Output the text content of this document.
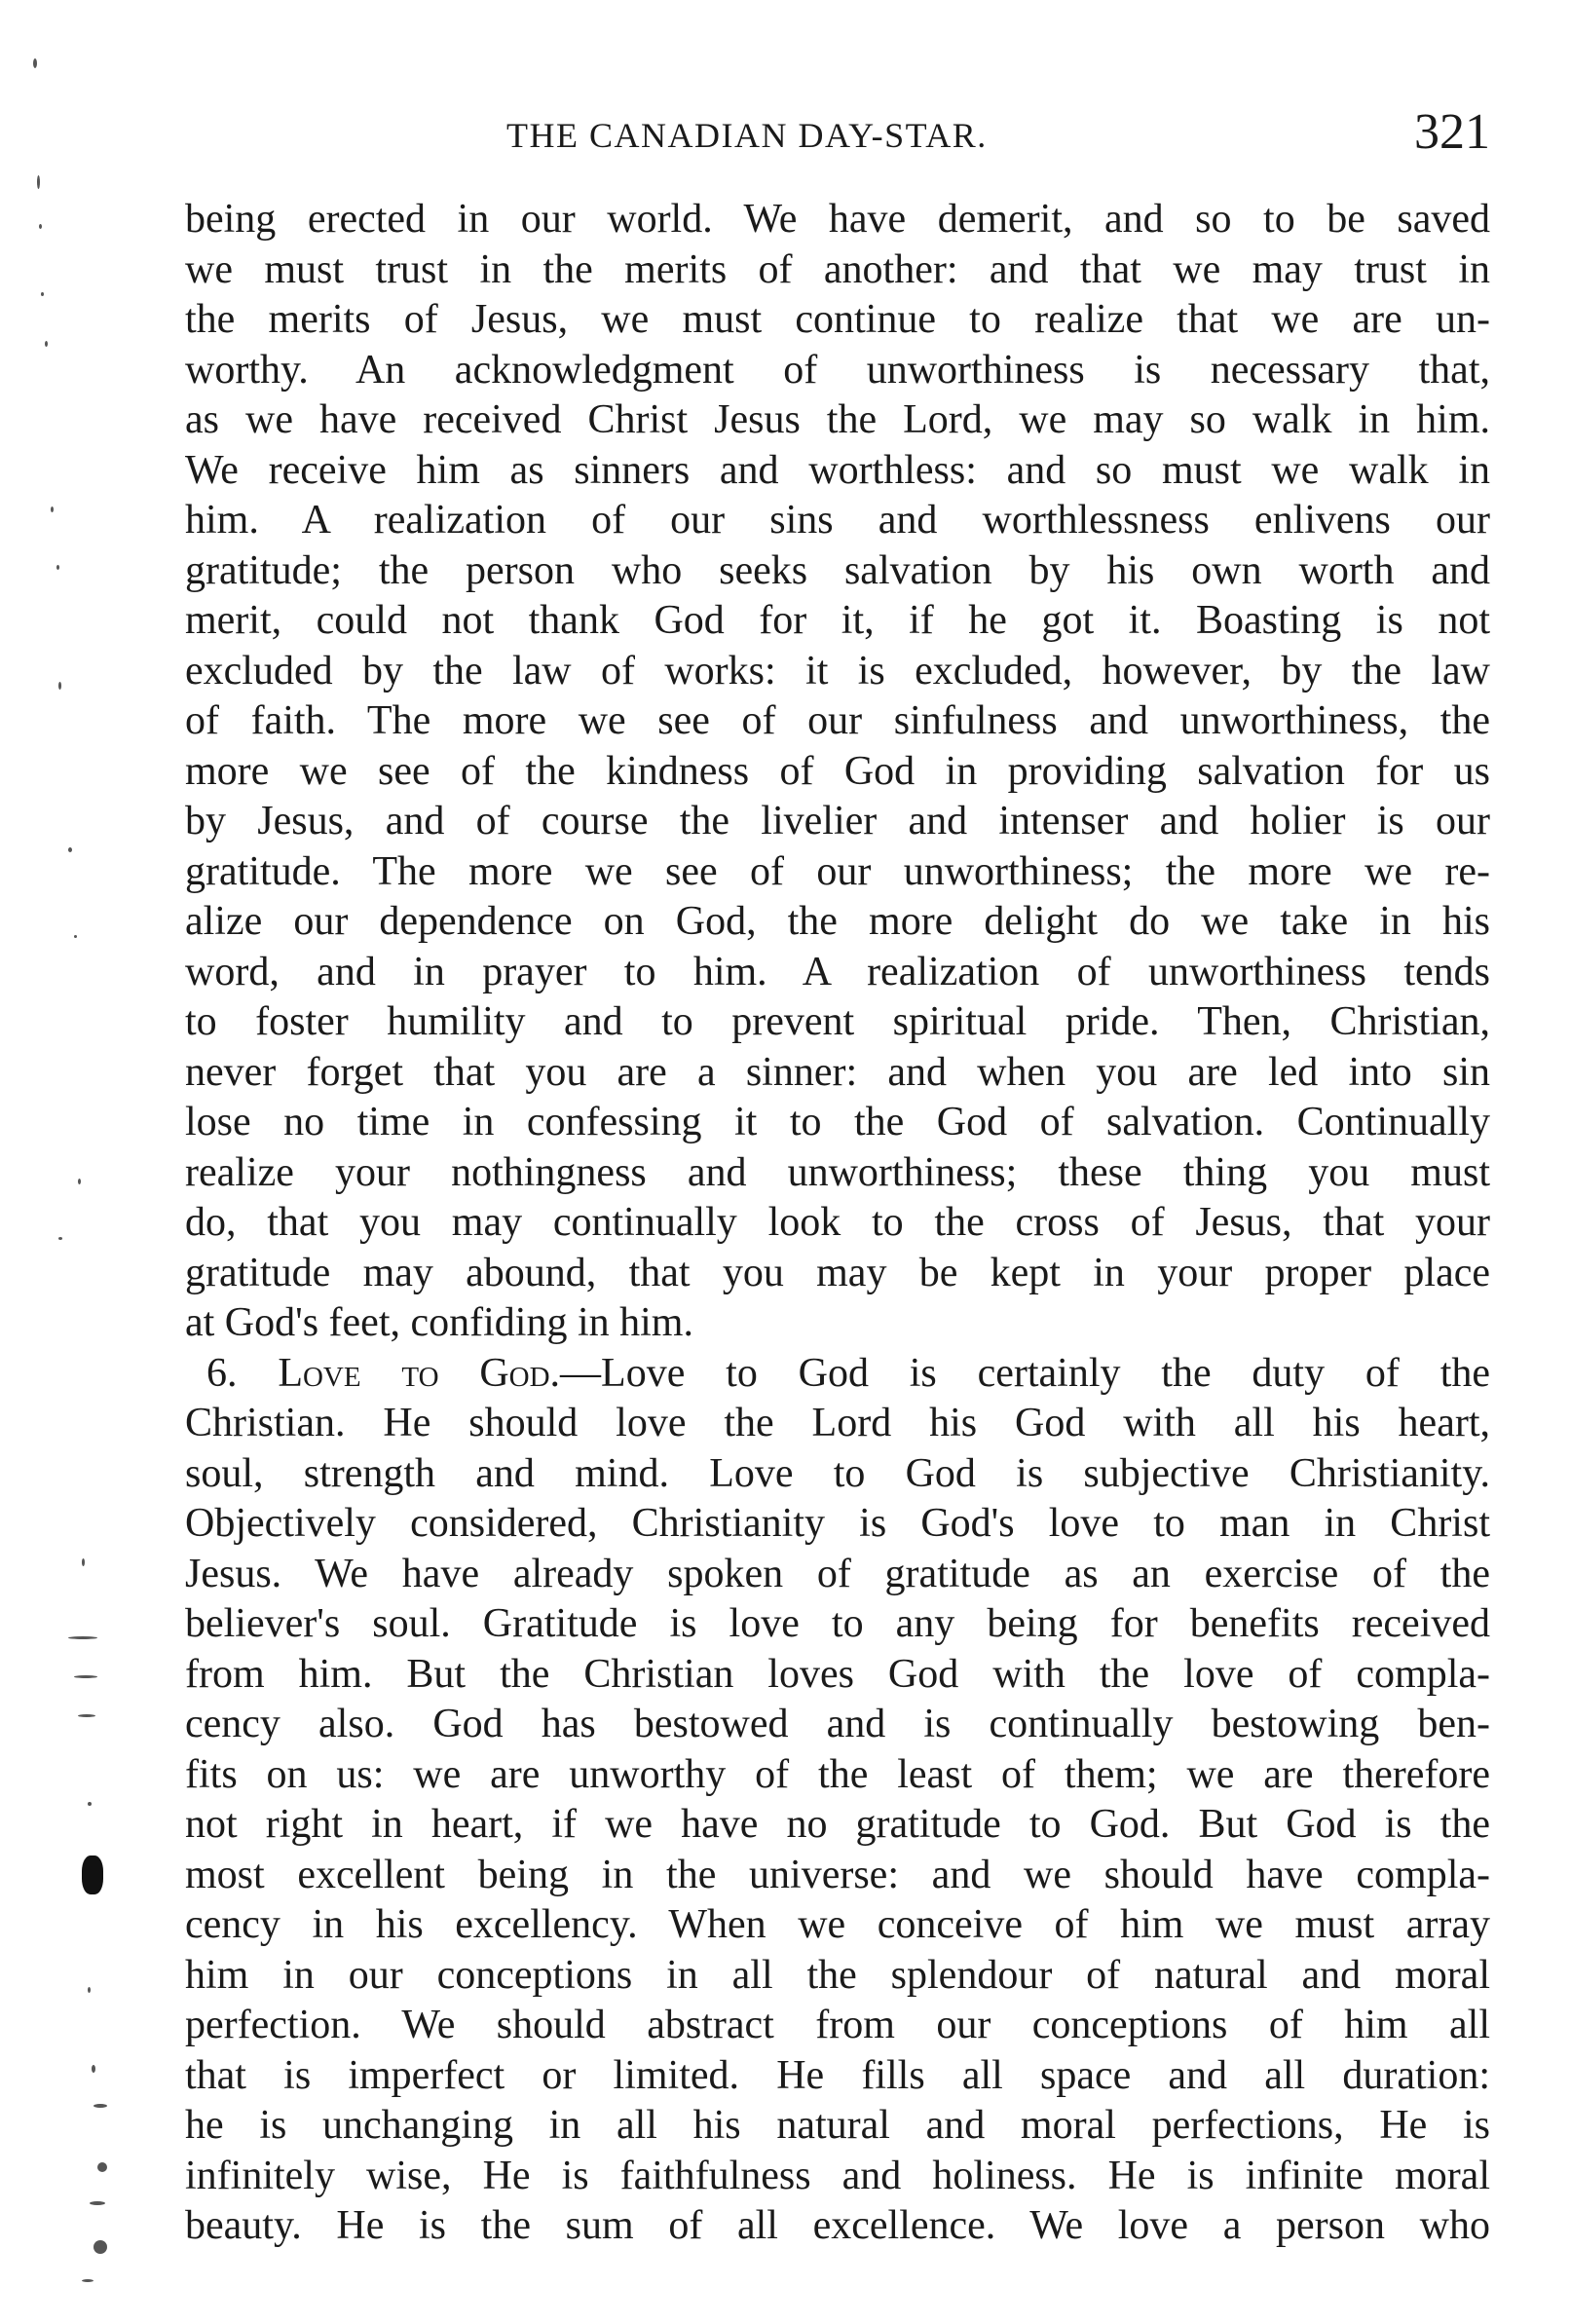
THE CANADIAN DAY-STAR.	321
being erected in our world. We have demerit, and so to be saved
we must trust in the merits of another: and that we may trust in
the merits of Jesus, we must continue to realize that we are un-
worthy. An acknowledgment of unworthiness is necessary that,
as we have received Christ Jesus the Lord, we may so walk in him.
We receive him as sinners and worthless: and so must we walk in
him. A realization of our sins and worthlessness enlivens our
gratitude; the person who seeks salvation by his own worth and
merit, could not thank God for it, if he got it. Boasting is not
excluded by the law of works: it is excluded, however, by the law
of faith. The more we see of our sinfulness and unworthiness, the
more we see of the kindness of God in providing salvation for us
by Jesus, and of course the livelier and intenser and holier is our
gratitude. The more we see of our unworthiness; the more we re-
alize our dependence on God, the more delight do we take in his
word, and in prayer to him. A realization of unworthiness tends
to foster humility and to prevent spiritual pride. Then, Christian,
never forget that you are a sinner: and when you are led into sin
lose no time in confessing it to the God of salvation. Continually
realize your nothingness and unworthiness; these thing you must
do, that you may continually look to the cross of Jesus, that your
gratitude may abound, that you may be kept in your proper place
at God's feet, confiding in him.
6. Love to God.—Love to God is certainly the duty of the
Christian. He should love the Lord his God with all his heart,
soul, strength and mind. Love to God is subjective Christianity.
Objectively considered, Christianity is God's love to man in Christ
Jesus. We have already spoken of gratitude as an exercise of the
believer's soul. Gratitude is love to any being for benefits received
from him. But the Christian loves God with the love of compla-
cency also. God has bestowed and is continually bestowing ben-
fits on us: we are unworthy of the least of them; we are therefore
not right in heart, if we have no gratitude to God. But God is the
most excellent being in the universe: and we should have compla-
cency in his excellency. When we conceive of him we must array
him in our conceptions in all the splendour of natural and moral
perfection. We should abstract from our conceptions of him all
that is imperfect or limited. He fills all space and all duration:
he is unchanging in all his natural and moral perfections, He is
infinitely wise, He is faithfulness and holiness. He is infinite moral
beauty. He is the sum of all excellence. We love a person who
